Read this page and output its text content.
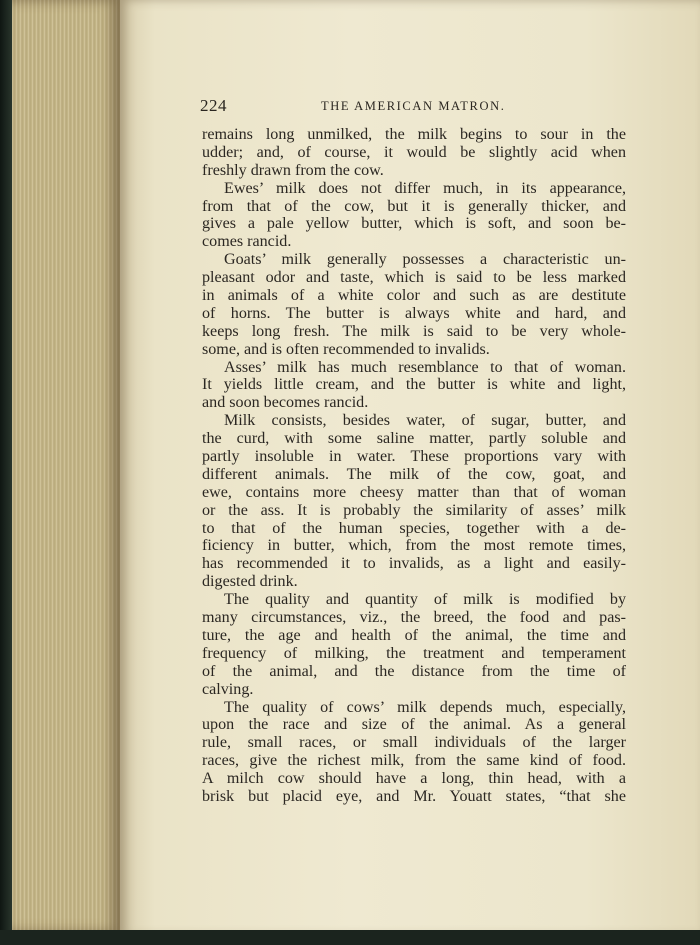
224	THE AMERICAN MATRON.
remains long unmilked, the milk begins to sour in the
udder; and, of course, it would be slightly acid when
freshly drawn from the cow.
Ewes’ milk does not differ much, in its appearance,
from that of the cow, but it is generally thicker, and
gives a pale yellow butter, which is soft, and soon be-
comes rancid.
Goats’ milk generally possesses a characteristic un-
pleasant odor and taste, which is said to be less marked
in animals of a white color and such as are destitute
of horns. The butter is always white and hard, and
keeps long fresh. The milk is said to be very whole-
some, and is often recommended to invalids.
Asses’ milk has much resemblance to that of woman.
It yields little cream, and the butter is white and light,
and soon becomes rancid.
Milk consists, besides water, of sugar, butter, and
the curd, with some saline matter, partly soluble and
partly insoluble in water. These proportions vary with
different animals. The milk of the cow, goat, and
ewe, contains more cheesy matter than that of woman
or the ass. It is probably the similarity of asses’ milk
to that of the human species, together with a de-
ficiency in butter, which, from the most remote times,
has recommended it to invalids, as a light and easily-
digested drink.
The quality and quantity of milk is modified by
many circumstances, viz., the breed, the food and pas-
ture, the age and health of the animal, the time and
frequency of milking, the treatment and temperament
of the animal, and the distance from the time of
calving.
The quality of cows’ milk depends much, especially,
upon the race and size of the animal. As a general
rule, small races, or small individuals of the larger
races, give the richest milk, from the same kind of food.
A milch cow should have a long, thin head, with a
brisk but placid eye, and Mr. Youatt states, “that she
